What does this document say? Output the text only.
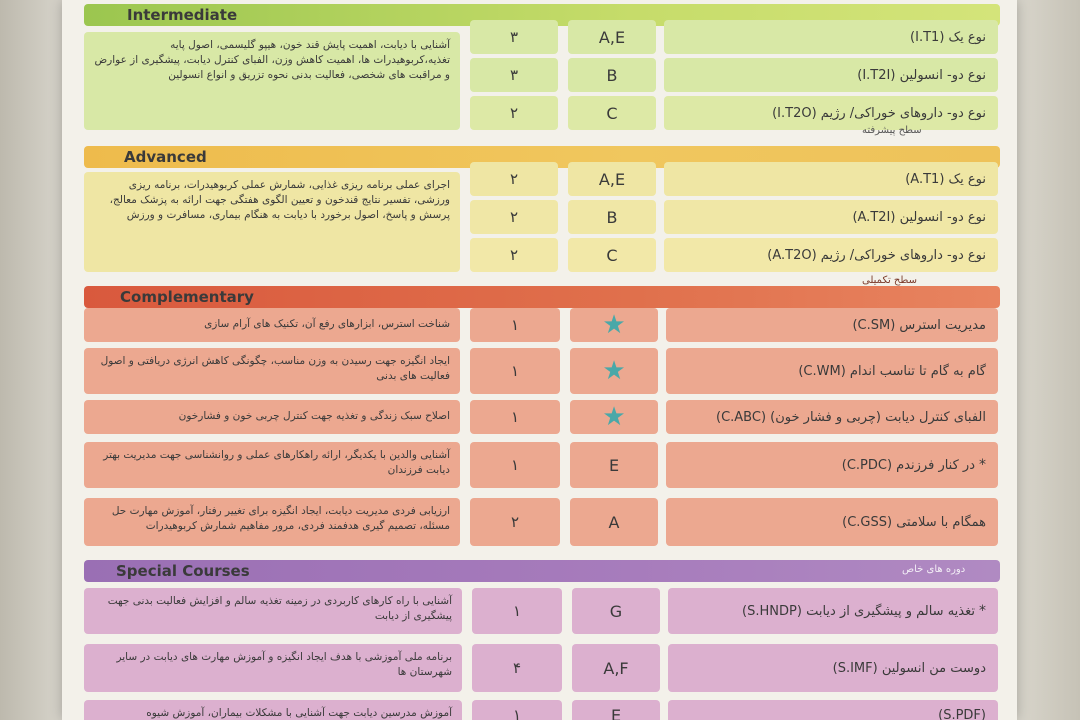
Intermediate
نوع یک (I.T1)
A,E
۳
نوع دو- انسولین (I.T2I)
B
۳
نوع دو- داروهای خوراکی/ رژیم (I.T2O)
C
۲
آشنایی با دیابت، اهمیت پایش قند خون، هیپو گلیسمی، اصول پایه تغذیه،کربوهیدرات ها، اهمیت کاهش وزن، الفبای کنترل دیابت، پیشگیری از عوارض و مراقبت های شخصی، فعالیت بدنی نحوه تزریق و انواع انسولین
Advanced
سطح پیشرفته
نوع یک (A.T1)
A,E
۲
نوع دو- انسولین (A.T2I)
B
۲
نوع دو- داروهای خوراکی/ رژیم (A.T2O)
C
۲
اجرای عملی برنامه ریزی غذایی، شمارش عملی کربوهیدرات، برنامه ریزی ورزشی، تفسیر نتایج قندخون و تعیین الگوی هفتگی جهت ارائه به پزشک معالج، پرسش و پاسخ، اصول برخورد با دیابت به هنگام بیماری، مسافرت و ورزش
Complementary
سطح تکمیلی
مدیریت استرس (C.SM)
★
۱
شناخت استرس، ابزارهای رفع آن، تکنیک های آرام سازی
گام به گام تا تناسب اندام (C.WM)
★
۱
ایجاد انگیزه جهت رسیدن به وزن مناسب، چگونگی کاهش انرژی دریافتی و اصول فعالیت های بدنی
الفبای کنترل دیابت (چربی و فشار خون) (C.ABC)
★
۱
اصلاح سبک زندگی و تغذیه جهت کنترل چربی خون و فشارخون
*
در کنار فرزندم (C.PDC)
E
۱
آشنایی والدین با یکدیگر، ارائه راهکارهای عملی و روانشناسی جهت مدیریت بهتر دیابت فرزندان
همگام با سلامتی (C.GSS)
A
۲
ارزیابی فردی مدیریت دیابت، ایجاد انگیزه برای تغییر رفتار، آموزش مهارت حل مسئله، تصمیم گیری هدفمند فردی، مرور مفاهیم شمارش کربوهیدرات
Special Courses	دوره های خاص
*
تغذیه سالم و پیشگیری از دیابت (S.HNDP)
G
۱
آشنایی با راه کارهای کاربردی در زمینه تغذیه سالم و افزایش فعالیت بدنی جهت پیشگیری از دیابت
دوست من انسولین (S.IMF)
A,F
۴
برنامه ملی آموزشی با هدف ایجاد انگیزه و آموزش مهارت های دیابت در سایر شهرستان ها
(S.PDF)
E
۱
آموزش مدرسین دیابت جهت آشنایی با مشکلات بیماران، آموزش شیوه
